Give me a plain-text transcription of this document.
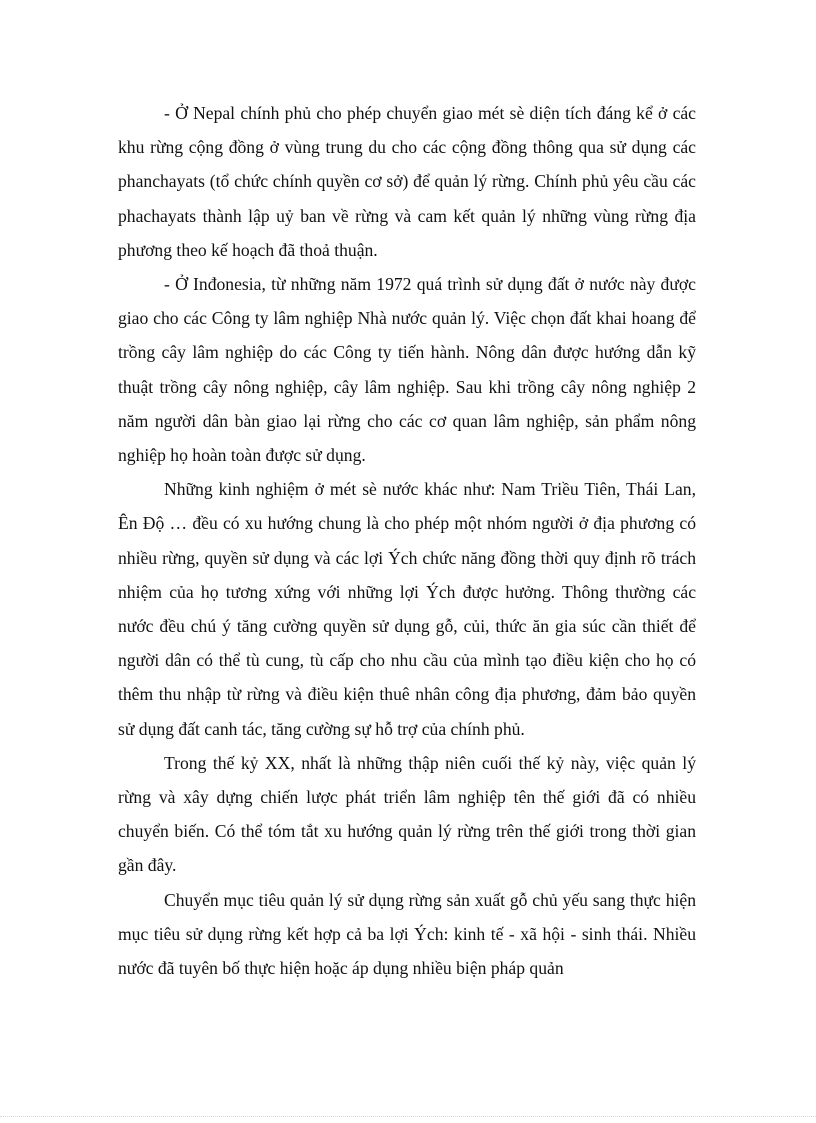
- Ở Nepal chính phủ cho phép chuyển giao mét sè diện tích đáng kể ở các khu rừng cộng đồng ở vùng trung du cho các cộng đồng thông qua sử dụng các phanchayats (tổ chức chính quyền cơ sở) để quản lý rừng. Chính phủ yêu cầu các phachayats thành lập uỷ ban về rừng và cam kết quản lý những vùng rừng địa phương theo kế hoạch đã thoả thuận.

- Ở Inđonesia, từ những năm 1972 quá trình sử dụng đất ở nước này được giao cho các Công ty lâm nghiệp Nhà nước quản lý. Việc chọn đất khai hoang để trồng cây lâm nghiệp do các Công ty tiến hành. Nông dân được hướng dẫn kỹ thuật trồng cây nông nghiệp, cây lâm nghiệp. Sau khi trồng cây nông nghiệp 2 năm người dân bàn giao lại rừng cho các cơ quan lâm nghiệp, sản phẩm nông nghiệp họ hoàn toàn được sử dụng.

Những kinh nghiệm ở mét sè nước khác như: Nam Triều Tiên, Thái Lan, Ên Độ … đều có xu hướng chung là cho phép một nhóm người ở địa phương có nhiều rừng, quyền sử dụng và các lợi Ých chức năng đồng thời quy định rõ trách nhiệm của họ tương xứng với những lợi Ých được hưởng. Thông thường các nước đều chú ý tăng cường quyền sử dụng gỗ, củi, thức ăn gia súc cần thiết để người dân có thể tù cung, tù cấp cho nhu cầu của mình tạo điều kiện cho họ có thêm thu nhập từ rừng và điều kiện thuê nhân công địa phương, đảm bảo quyền sử dụng đất canh tác, tăng cường sự hỗ trợ của chính phủ.

Trong thế kỷ XX, nhất là những thập niên cuối thế kỷ này, việc quản lý rừng và xây dựng chiến lược phát triển lâm nghiệp tên thế giới đã có nhiều chuyển biến. Có thể tóm tắt xu hướng quản lý rừng trên thế giới trong thời gian gần đây.

Chuyển mục tiêu quản lý sử dụng rừng sản xuất gỗ chủ yếu sang thực hiện mục tiêu sử dụng rừng kết hợp cả ba lợi Ých: kinh tế - xã hội - sinh thái. Nhiều nước đã tuyên bố thực hiện hoặc áp dụng nhiều biện pháp quản
